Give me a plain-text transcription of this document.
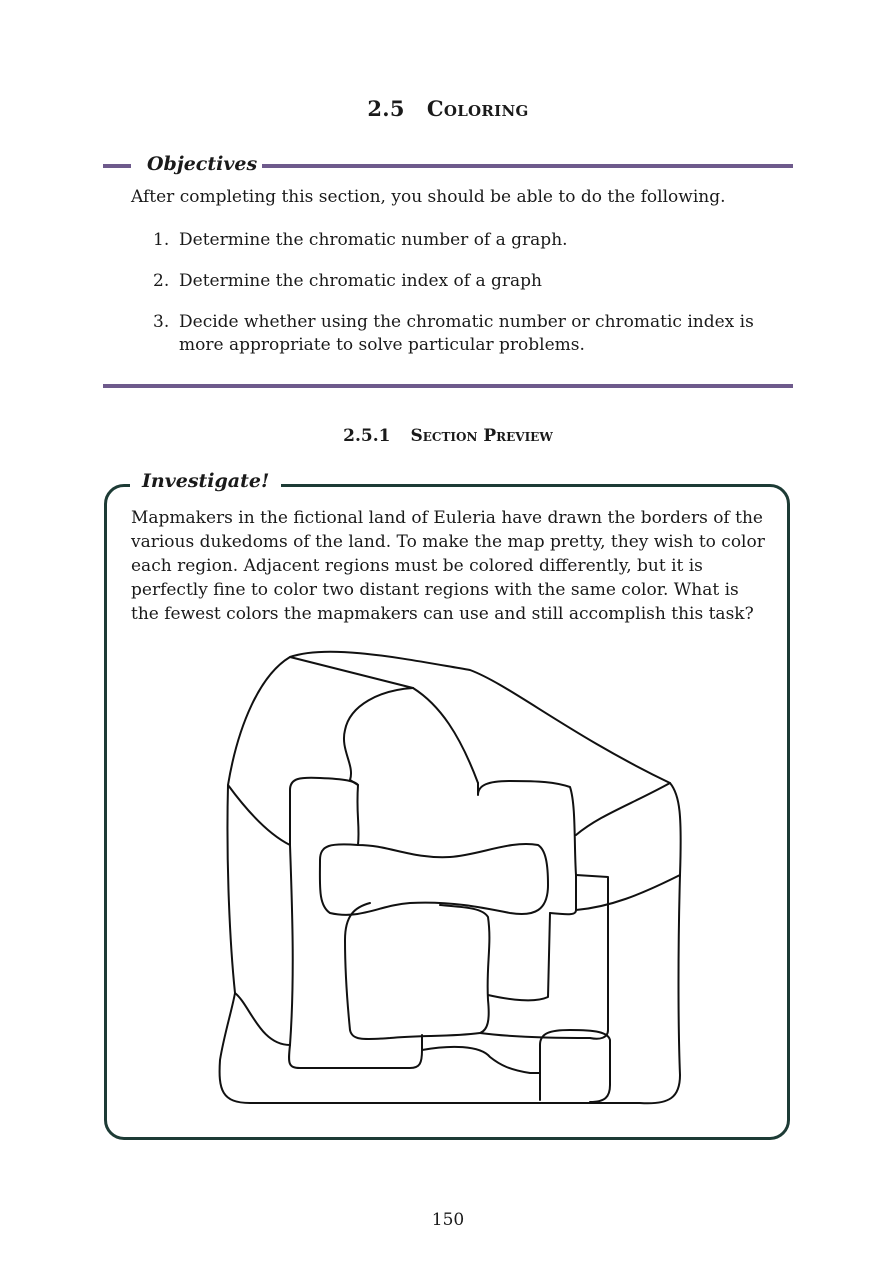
2.5 Coloring
Objectives
After completing this section, you should be able to do the following.
1. Determine the chromatic number of a graph.
2. Determine the chromatic index of a graph
3. Decide whether using the chromatic number or chromatic index is more appropriate to solve particular problems.
2.5.1 Section Preview
Investigate!
Mapmakers in the fictional land of Euleria have drawn the borders of the various dukedoms of the land. To make the map pretty, they wish to color each region. Adjacent regions must be colored differently, but it is perfectly fine to color two distant regions with the same color. What is the fewest colors the mapmakers can use and still accomplish this task?
150
